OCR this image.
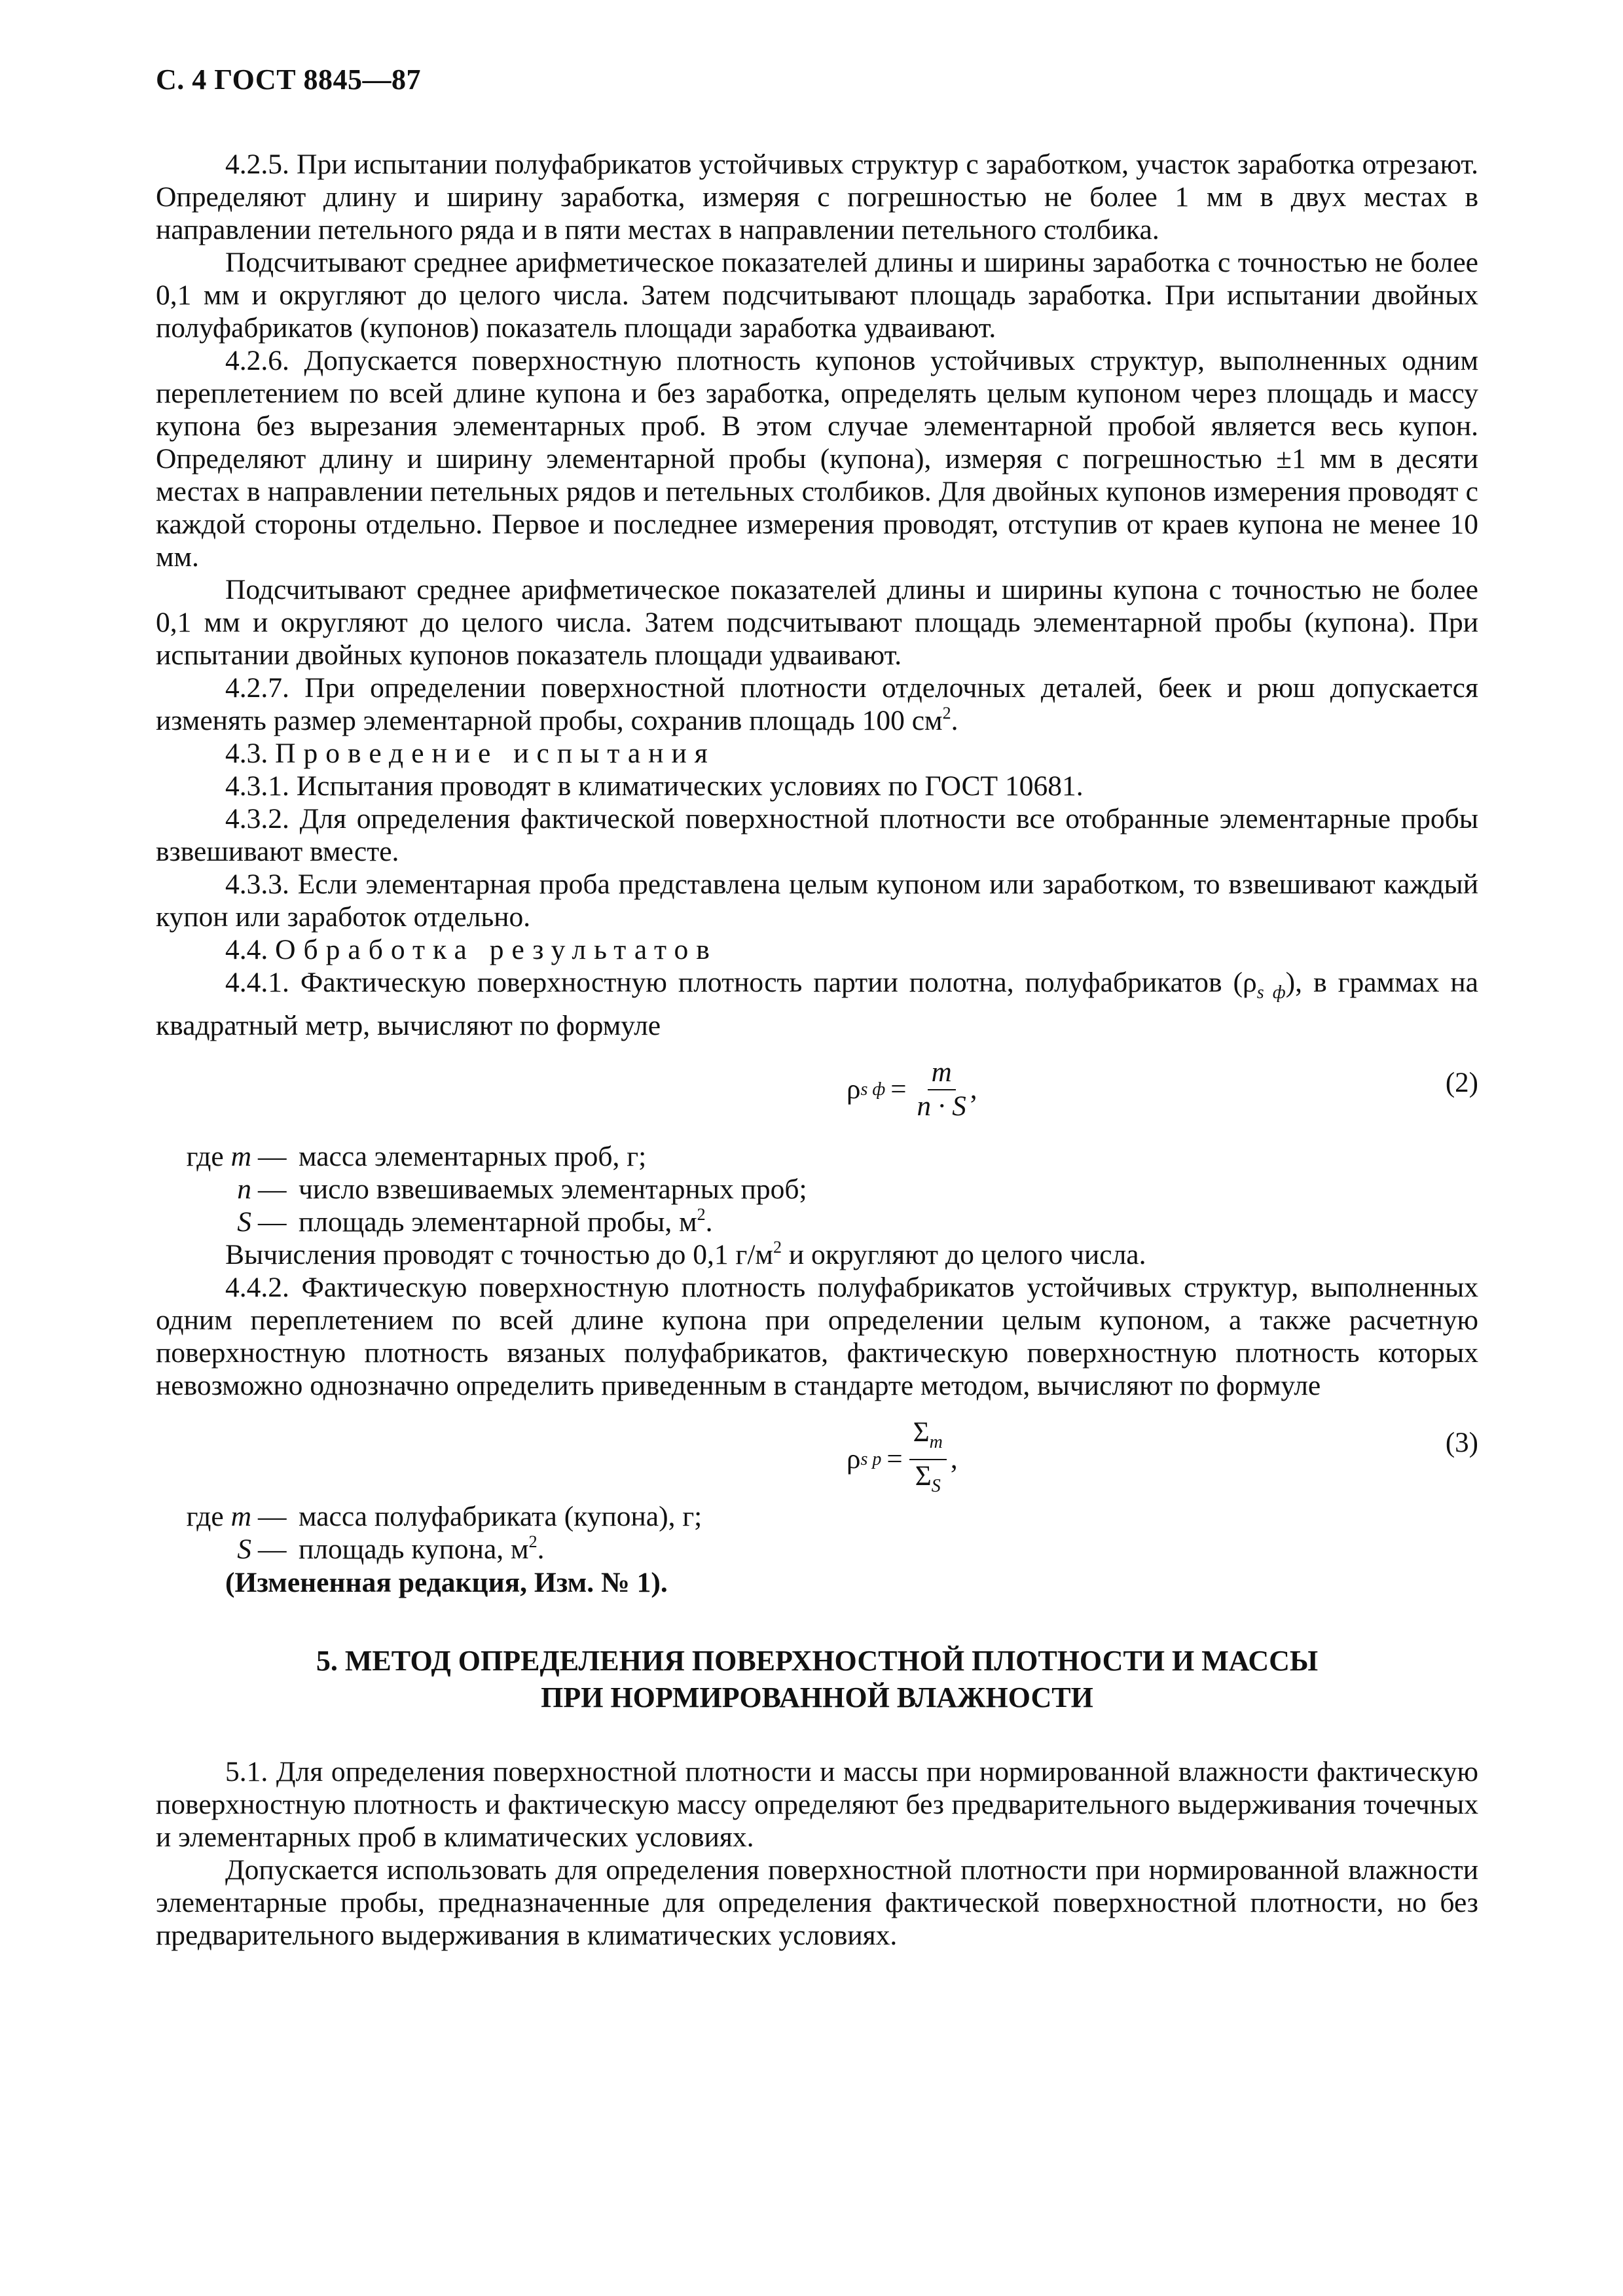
С. 4 ГОСТ 8845—87

4.2.5. При испытании полуфабрикатов устойчивых структур с заработком, участок заработка отрезают. Определяют длину и ширину заработка, измеряя с погрешностью не более 1 мм в двух местах в направлении петельного ряда и в пяти местах в направлении петельного столбика.

Подсчитывают среднее арифметическое показателей длины и ширины заработка с точностью не более 0,1 мм и округляют до целого числа. Затем подсчитывают площадь заработка. При испытании двойных полуфабрикатов (купонов) показатель площади заработка удваивают.

4.2.6. Допускается поверхностную плотность купонов устойчивых структур, выполненных одним переплетением по всей длине купона и без заработка, определять целым купоном через площадь и массу купона без вырезания элементарных проб. В этом случае элементарной пробой является весь купон. Определяют длину и ширину элементарной пробы (купона), измеряя с погрешностью ±1 мм в десяти местах в направлении петельных рядов и петельных столбиков. Для двойных купонов измерения проводят с каждой стороны отдельно. Первое и последнее измерения проводят, отступив от краев купона не менее 10 мм.

Подсчитывают среднее арифметическое показателей длины и ширины купона с точностью не более 0,1 мм и округляют до целого числа. Затем подсчитывают площадь элементарной пробы (купона). При испытании двойных купонов показатель площади удваивают.

4.2.7. При определении поверхностной плотности отделочных деталей, беек и рюш допускается изменять размер элементарной пробы, сохранив площадь 100 $см^2$.

4.3. Проведение испытания

4.3.1. Испытания проводят в климатических условиях по ГОСТ 10681.

4.3.2. Для определения фактической поверхностной плотности все отобранные элементарные пробы взвешивают вместе.

4.3.3. Если элементарная проба представлена целым купоном или заработком, то взвешивают каждый купон или заработок отдельно.

4.4. Обработка результатов

4.4.1. Фактическую поверхностную плотность партии полотна, полуфабрикатов $(\rho_{s ф})$, в граммах на квадратный метр, вычисляют по формуле

ρ s $ф = \frac{m}{n \cdot S}$ ,	(2)
где m — масса элементарных проб, г;
n — число взвешиваемых элементарных проб;
S — площадь элементарной пробы, $м^2$.

Вычисления проводят с точностью до 0,1 $г/м^2$ и округляют до целого числа.

4.4.2. Фактическую поверхностную плотность полуфабрикатов устойчивых структур, выполненных одним переплетением по всей длине купона при определении целым купоном, а также расчетную поверхностную плотность вязаных полуфабрикатов, фактическую поверхностную плотность которых невозможно однозначно определить приведенным в стандарте методом, вычисляют по формуле

ρ s $р = \frac{\Sigma_m}{\Sigma_S}$ ,
(3)
где m — масса полуфабриката (купона), г;
S — площадь купона, $м^2$.
(Измененная редакция, Изм. № 1).
5. МЕТОД ОПРЕДЕЛЕНИЯ ПОВЕРХНОСТНОЙ ПЛОТНОСТИ И МАССЫ
ПРИ НОРМИРОВАННОЙ ВЛАЖНОСТИ

5.1. Для определения поверхностной плотности и массы при нормированной влажности фактическую поверхностную плотность и фактическую массу определяют без предварительного выдерживания точечных и элементарных проб в климатических условиях.

Допускается использовать для определения поверхностной плотности при нормированной влажности элементарные пробы, предназначенные для определения фактической поверхностной плотности, но без предварительного выдерживания в климатических условиях.
